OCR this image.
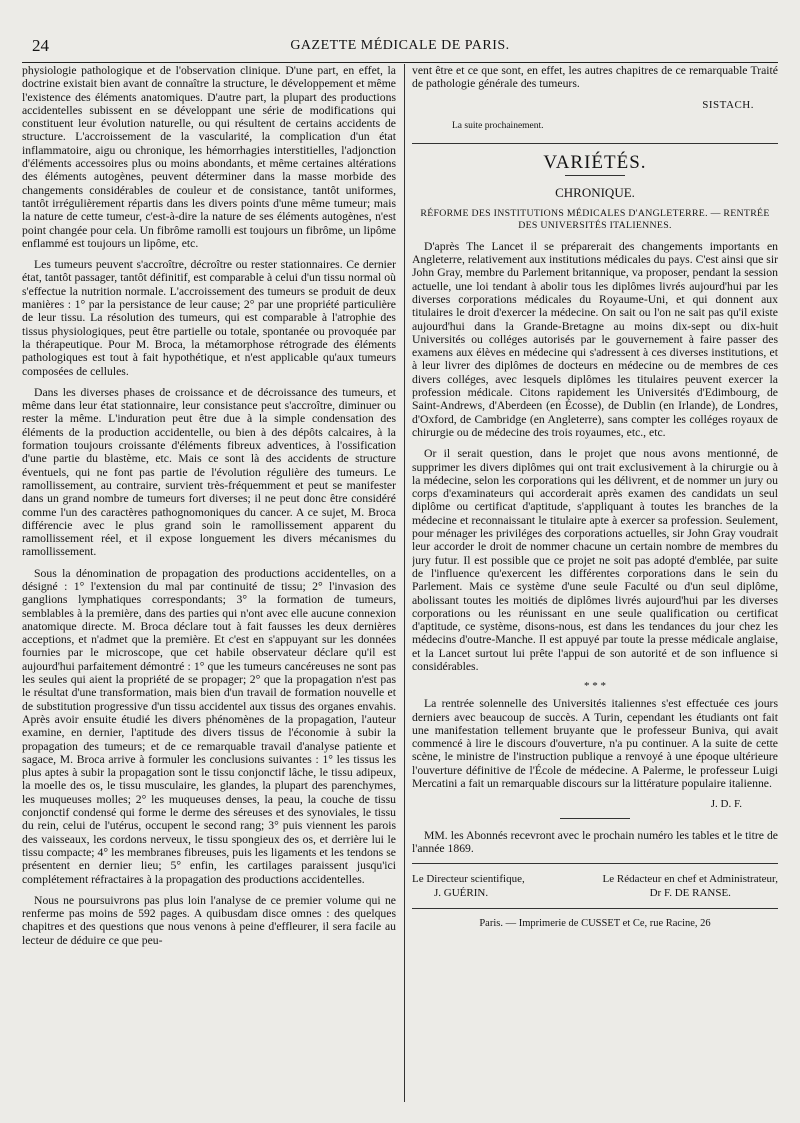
24	GAZETTE MÉDICALE DE PARIS.

physiologie pathologique et de l'observation clinique. D'une part, en effet, la doctrine existait bien avant de connaître la structure, le développement et même l'existence des éléments anatomiques. D'autre part, la plupart des productions accidentelles subissent en se développant une série de modifications qui constituent leur évolution naturelle, ou qui résultent de certains accidents de structure. L'accroissement de la vascularité, la complication d'un état inflammatoire, aigu ou chronique, les hémorrhagies interstitielles, l'adjonction d'éléments accessoires plus ou moins abondants, et même certaines altérations des éléments autogènes, peuvent déterminer dans la masse morbide des changements considérables de couleur et de consistance, tantôt uniformes, tantôt irrégulièrement répartis dans les divers points d'une même tumeur; mais la nature de cette tumeur, c'est-à-dire la nature de ses éléments autogènes, n'est point changée pour cela. Un fibrôme ramolli est toujours un fibrôme, un lipôme enflammé est toujours un lipôme, etc.

Les tumeurs peuvent s'accroître, décroître ou rester stationnaires. Ce dernier état, tantôt passager, tantôt définitif, est comparable à celui d'un tissu normal où s'effectue la nutrition normale. L'accroissement des tumeurs se produit de deux manières : 1° par la persistance de leur cause; 2° par une propriété particulière de leur tissu. La résolution des tumeurs, qui est comparable à l'atrophie des tissus physiologiques, peut être partielle ou totale, spontanée ou provoquée par la thérapeutique. Pour M. Broca, la métamorphose rétrograde des éléments pathologiques est tout à fait hypothétique, et n'est applicable qu'aux tumeurs composées de cellules.

Dans les diverses phases de croissance et de décroissance des tumeurs, et même dans leur état stationnaire, leur consistance peut s'accroître, diminuer ou rester la même. L'induration peut être due à la simple condensation des éléments de la production accidentelle, ou bien à des dépôts calcaires, à la formation toujours croissante d'éléments fibreux adventices, à l'ossification d'une partie du blastème, etc. Mais ce sont là des accidents de structure éventuels, qui ne font pas partie de l'évolution régulière des tumeurs. Le ramollissement, au contraire, survient très-fréquemment et peut se manifester dans un grand nombre de tumeurs fort diverses; il ne peut donc être considéré comme l'un des caractères pathognomoniques du cancer. A ce sujet, M. Broca différencie avec le plus grand soin le ramollissement apparent du ramollissement réel, et il expose longuement les divers mécanismes du ramollissement.

Sous la dénomination de propagation des productions accidentelles, on a désigné : 1° l'extension du mal par continuité de tissu; 2° l'invasion des ganglions lymphatiques correspondants; 3° la formation de tumeurs, semblables à la première, dans des parties qui n'ont avec elle aucune connexion anatomique directe. M. Broca déclare tout à fait fausses les deux dernières acceptions, et n'admet que la première. Et c'est en s'appuyant sur les données fournies par le microscope, que cet habile observateur déclare qu'il est aujourd'hui parfaitement démontré : 1° que les tumeurs cancéreuses ne sont pas les seules qui aient la propriété de se propager; 2° que la propagation n'est pas le résultat d'une transformation, mais bien d'un travail de formation nouvelle et de substitution progressive d'un tissu accidentel aux tissus des organes envahis. Après avoir ensuite étudié les divers phénomènes de la propagation, l'auteur examine, en dernier, l'aptitude des divers tissus de l'économie à subir la propagation des tumeurs; et de ce remarquable travail d'analyse patiente et sagace, M. Broca arrive à formuler les conclusions suivantes : 1° les tissus les plus aptes à subir la propagation sont le tissu conjonctif lâche, le tissu adipeux, la moelle des os, le tissu musculaire, les glandes, la plupart des parenchymes, les muqueuses molles; 2° les muqueuses denses, la peau, la couche de tissu conjonctif condensé qui forme le derme des séreuses et des synoviales, le tissu du rein, celui de l'utérus, occupent le second rang; 3° puis viennent les parois des vaisseaux, les cordons nerveux, le tissu spongieux des os, et derrière lui le tissu compacte; 4° les membranes fibreuses, puis les ligaments et les tendons se présentent en dernier lieu; 5° enfin, les cartilages paraissent jusqu'ici complétement réfractaires à la propagation des productions accidentelles.

Nous ne poursuivrons pas plus loin l'analyse de ce premier volume qui ne renferme pas moins de 592 pages. A quibusdam disce omnes : des quelques chapitres et des questions que nous venons à peine d'effleurer, il sera facile au lecteur de déduire ce que peu-

vent être et ce que sont, en effet, les autres chapitres de ce remarquable Traité de pathologie générale des tumeurs.

SISTACH.
La suite prochainement.
VARIÉTÉS.
CHRONIQUE.
RÉFORME DES INSTITUTIONS MÉDICALES D'ANGLETERRE. — RENTRÉE DES UNIVERSITÉS ITALIENNES.

D'après The Lancet il se préparerait des changements importants en Angleterre, relativement aux institutions médicales du pays. C'est ainsi que sir John Gray, membre du Parlement britannique, va proposer, pendant la session actuelle, une loi tendant à abolir tous les diplômes livrés aujourd'hui par les diverses corporations médicales du Royaume-Uni, et qui donnent aux titulaires le droit d'exercer la médecine. On sait ou l'on ne sait pas qu'il existe aujourd'hui dans la Grande-Bretagne au moins dix-sept ou dix-huit Universités ou colléges autorisés par le gouvernement à faire passer des examens aux élèves en médecine qui s'adressent à ces diverses institutions, et à leur livrer des diplômes de docteurs en médecine ou de membres de ces divers colléges, avec lesquels diplômes les titulaires peuvent exercer la profession médicale. Citons rapidement les Universités d'Edimbourg, de Saint-Andrews, d'Aberdeen (en Écosse), de Dublin (en Irlande), de Londres, d'Oxford, de Cambridge (en Angleterre), sans compter les colléges royaux de chirurgie ou de médecine des trois royaumes, etc., etc.

Or il serait question, dans le projet que nous avons mentionné, de supprimer les divers diplômes qui ont trait exclusivement à la chirurgie ou à la médecine, selon les corporations qui les délivrent, et de nommer un jury ou corps d'examinateurs qui accorderait après examen des candidats un seul diplôme ou certificat d'aptitude, s'appliquant à toutes les branches de la médecine et reconnaissant le titulaire apte à exercer sa profession. Seulement, pour ménager les priviléges des corporations actuelles, sir John Gray voudrait leur accorder le droit de nommer chacune un certain nombre de membres du jury futur. Il est possible que ce projet ne soit pas adopté d'emblée, par suite de l'influence qu'exercent les différentes corporations dans le sein du Parlement. Mais ce système d'une seule Faculté ou d'un seul diplôme, abolissant toutes les moitiés de diplômes livrés aujourd'hui par les diverses corporations ou les réunissant en une seule qualification ou certificat d'aptitude, ce système, disons-nous, est dans les tendances du jour chez les médecins d'outre-Manche. Il est appuyé par toute la presse médicale anglaise, et la Lancet surtout lui prête l'appui de son autorité et de son influence si considérables.

* * *

La rentrée solennelle des Universités italiennes s'est effectuée ces jours derniers avec beaucoup de succès. A Turin, cependant les étudiants ont fait une manifestation tellement bruyante que le professeur Buniva, qui avait commencé à lire le discours d'ouverture, n'a pu continuer. A la suite de cette scène, le ministre de l'instruction publique a renvoyé à une époque ultérieure l'ouverture définitive de l'École de médecine. A Palerme, le professeur Luigi Mercatini a fait un remarquable discours sur la littérature populaire italienne.

J. D. F.

MM. les Abonnés recevront avec le prochain numéro les tables et le titre de l'année 1869.

Le Directeur scientifique,
J. GUÉRIN.
Le Rédacteur en chef et Administrateur,
Dr F. DE RANSE.
Paris. — Imprimerie de CUSSET et Ce, rue Racine, 26
